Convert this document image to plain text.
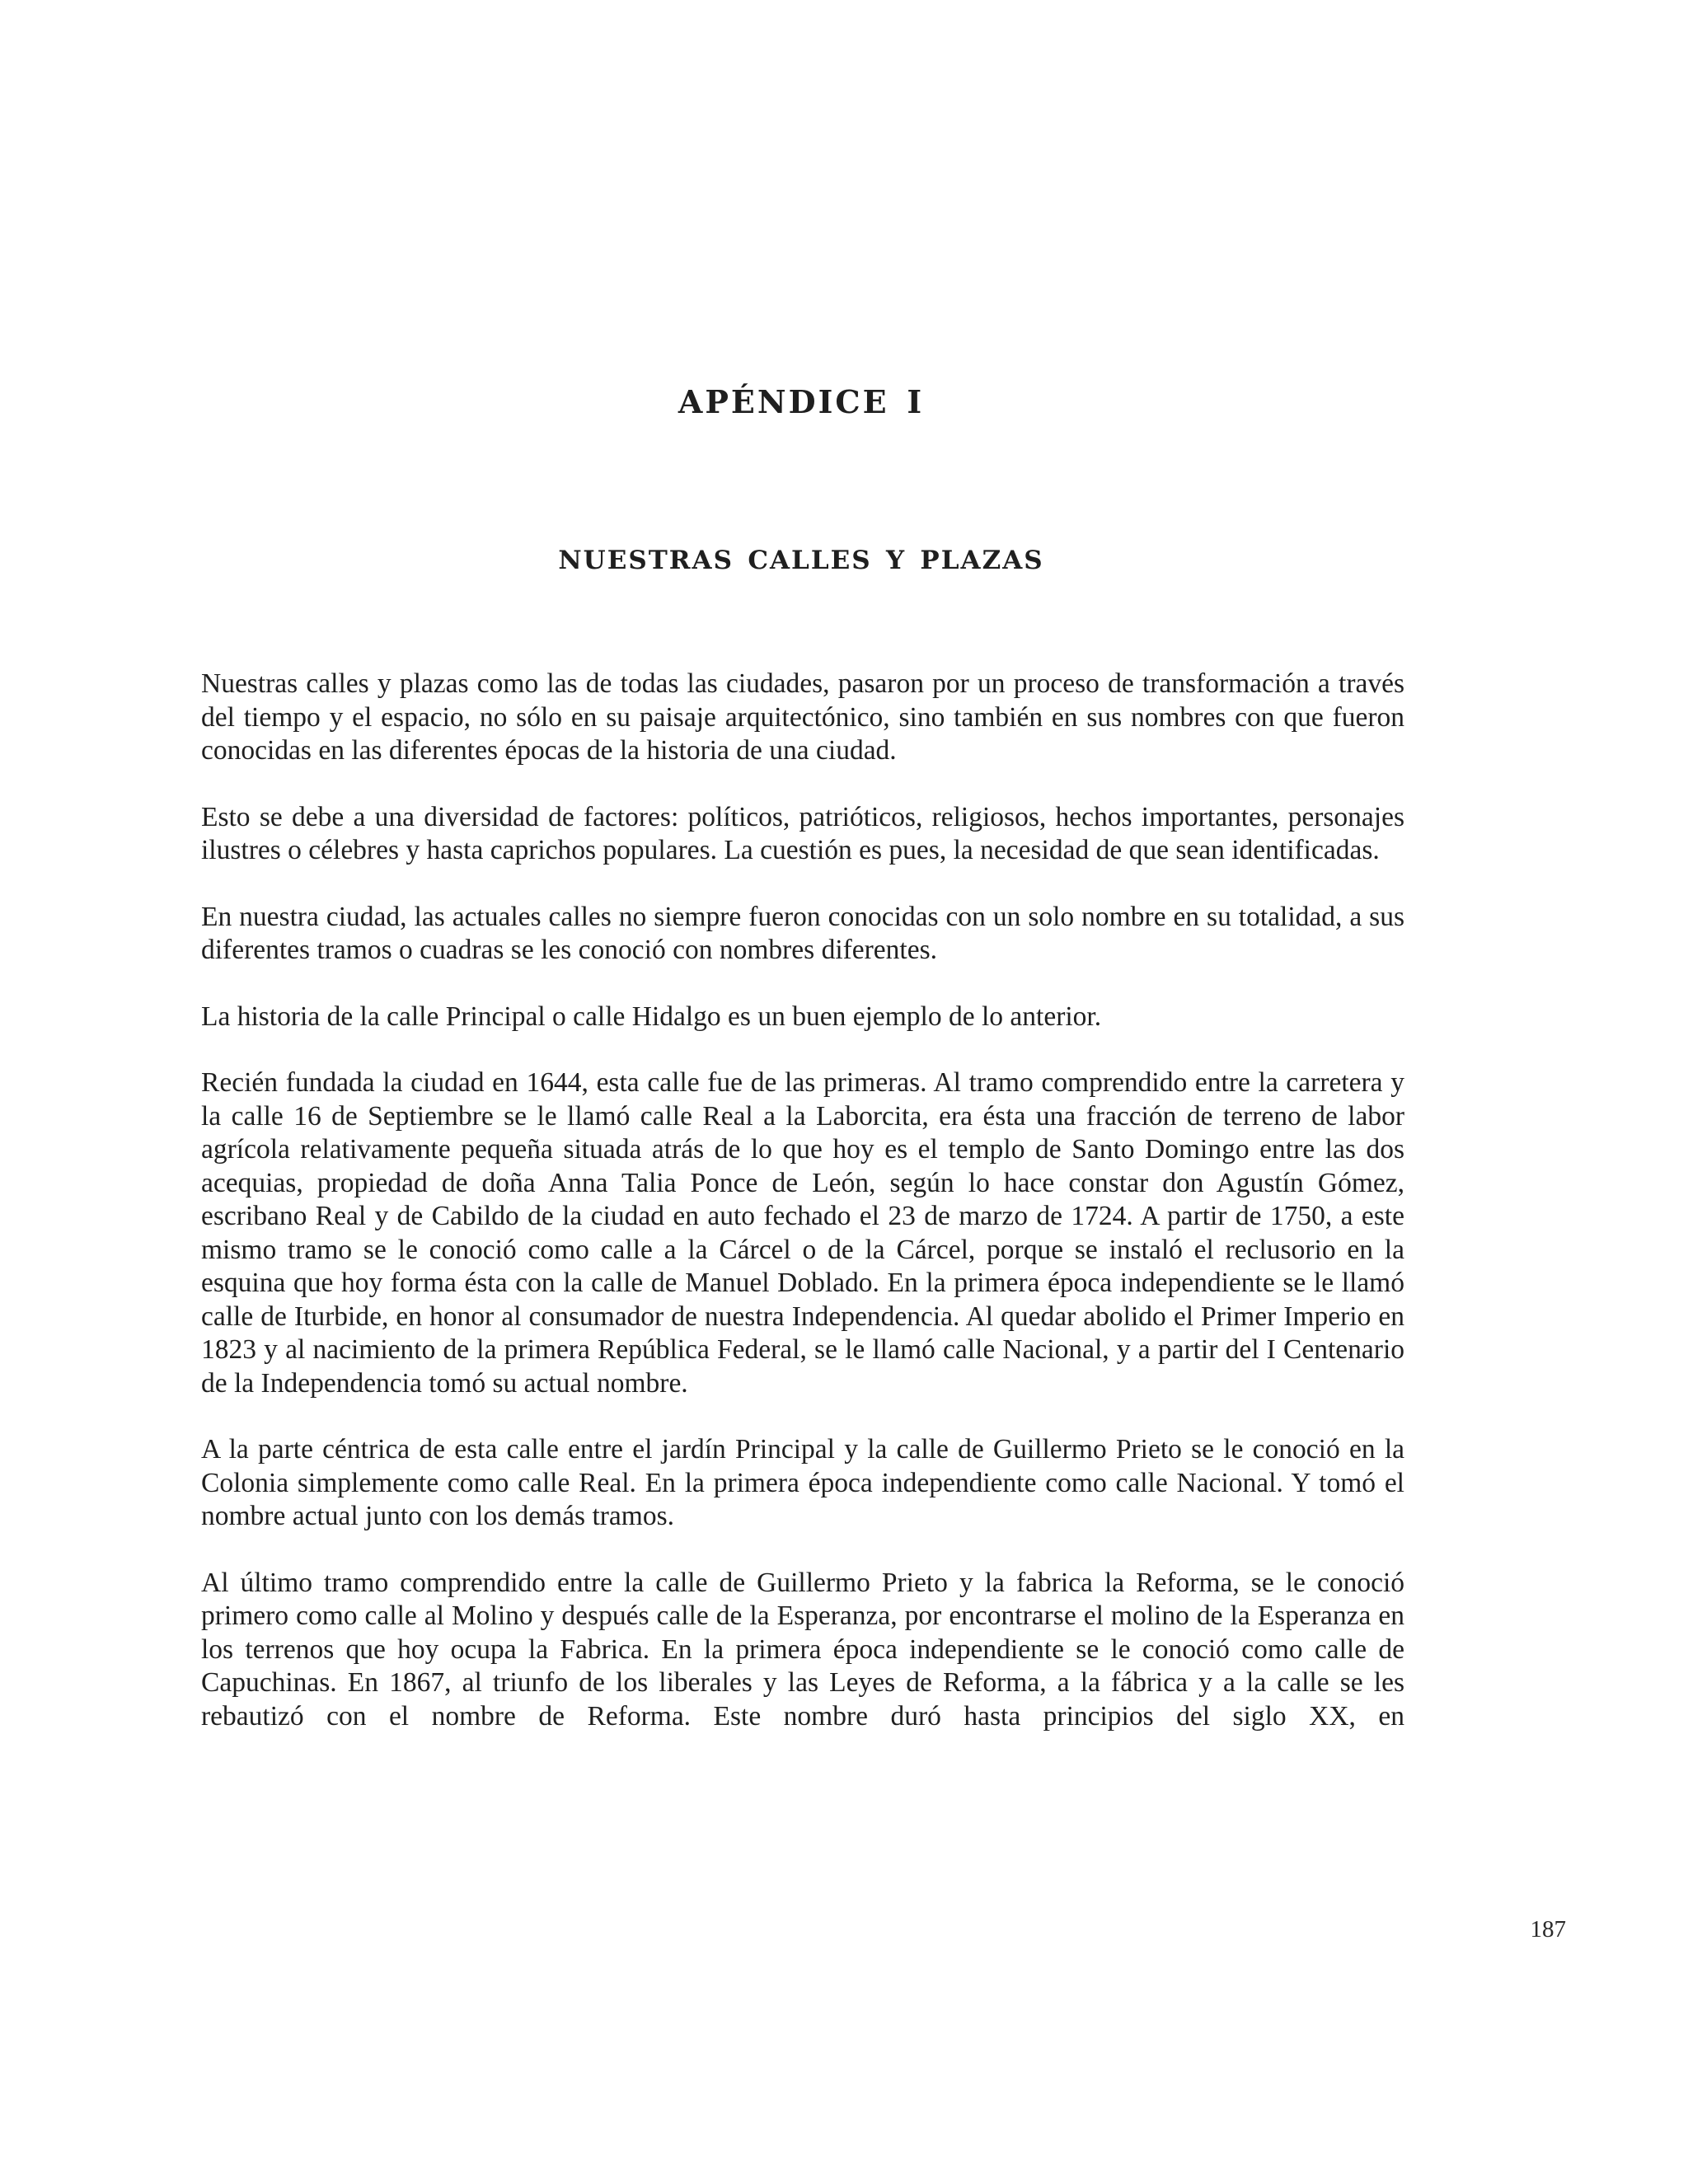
apéndice i
nuestras calles y plazas

Nuestras calles y plazas como las de todas las ciudades, pasaron por un proceso de transformación a través del tiempo y el espacio, no sólo en su paisaje arquitectónico, sino también en sus nombres con que fueron conocidas en las diferentes épocas de la historia de una ciudad.

Esto se debe a una diversidad de factores: políticos, patrióticos, religiosos, hechos importantes, personajes ilustres o célebres y hasta caprichos populares. La cuestión es pues, la necesidad de que sean identificadas.

En nuestra ciudad, las actuales calles no siempre fueron conocidas con un solo nombre en su totalidad, a sus diferentes tramos o cuadras se les conoció con nombres diferentes.

La historia de la calle Principal o calle Hidalgo es un buen ejemplo de lo anterior.

Recién fundada la ciudad en 1644, esta calle fue de las primeras. Al tramo comprendido entre la carretera y la calle 16 de Septiembre se le llamó calle Real a la Laborcita, era ésta una fracción de terreno de labor agrícola relativamente pequeña situada atrás de lo que hoy es el templo de Santo Domingo entre las dos acequias, propiedad de doña Anna Talia Ponce de León, según lo hace constar don Agustín Gómez, escribano Real y de Cabildo de la ciudad en auto fechado el 23 de marzo de 1724. A partir de 1750, a este mismo tramo se le conoció como calle a la Cárcel o de la Cárcel, porque se instaló el reclusorio en la esquina que hoy forma ésta con la calle de Manuel Doblado. En la primera época independiente se le llamó calle de Iturbide, en honor al consumador de nuestra Independencia. Al quedar abolido el Primer Imperio en 1823 y al nacimiento de la primera República Federal, se le llamó calle Nacional, y a partir del I Centenario de la Independencia tomó su actual nombre.

A la parte céntrica de esta calle entre el jardín Principal y la calle de Guillermo Prieto se le conoció en la Colonia simplemente como calle Real. En la primera época independiente como calle Nacional. Y tomó el nombre actual junto con los demás tramos.

Al último tramo comprendido entre la calle de Guillermo Prieto y la fabrica la Reforma, se le conoció primero como calle al Molino y después calle de la Esperanza, por encontrarse el molino de la Esperanza en los terrenos que hoy ocupa la Fabrica. En la primera época independiente se le conoció como calle de Capuchinas. En 1867, al triunfo de los liberales y las Leyes de Reforma, a la fábrica y a la calle se les rebautizó con el nombre de Reforma. Este nombre duró hasta principios del siglo XX, en

187
